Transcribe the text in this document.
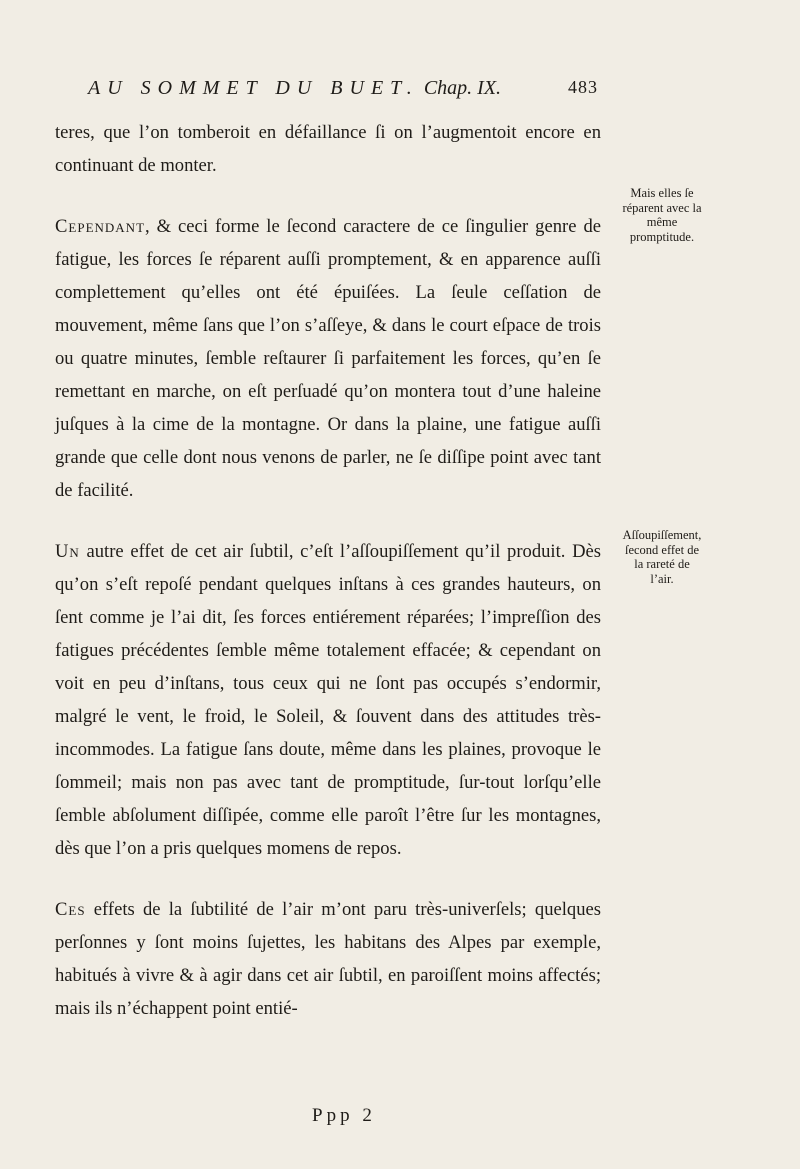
AU SOMMET DU BUET. Chap. IX.	483

teres, que l’on tomberoit en défaillance ſi on l’augmentoit encore en continuant de monter.

Cependant, & ceci forme le ſecond caractere de ce ſingulier genre de fatigue, les forces ſe réparent auſſi promptement, & en apparence auſſi complettement qu’elles ont été épuiſées. La ſeule ceſſation de mouvement, même ſans que l’on s’aſſeye, & dans le court eſpace de trois ou quatre minutes, ſemble reſtaurer ſi parfaitement les forces, qu’en ſe remettant en marche, on eſt perſuadé qu’on montera tout d’une haleine juſques à la cime de la montagne. Or dans la plaine, une fatigue auſſi grande que celle dont nous venons de parler, ne ſe diſſipe point avec tant de facilité.

Un autre effet de cet air ſubtil, c’eſt l’aſſoupiſſement qu’il produit. Dès qu’on s’eſt repoſé pendant quelques inſtans à ces grandes hauteurs, on ſent comme je l’ai dit, ſes forces entiérement réparées; l’impreſſion des fatigues précédentes ſemble même totalement effacée; & cependant on voit en peu d’inſtans, tous ceux qui ne ſont pas occupés s’endormir, malgré le vent, le froid, le Soleil, & ſouvent dans des attitudes très-incommodes. La fatigue ſans doute, même dans les plaines, provoque le ſommeil; mais non pas avec tant de promptitude, ſur-tout lorſqu’elle ſemble abſolument diſſipée, comme elle paroît l’être ſur les montagnes, dès que l’on a pris quelques momens de repos.

Ces effets de la ſubtilité de l’air m’ont paru très-univerſels; quelques perſonnes y ſont moins ſujettes, les habitans des Alpes par exemple, habitués à vivre & à agir dans cet air ſubtil, en paroiſſent moins affectés; mais ils n’échappent point entié-

Mais elles ſe réparent avec la même promptitude.
Aſſoupiſſement, ſecond effet de la rareté de l’air.
Ppp 2
